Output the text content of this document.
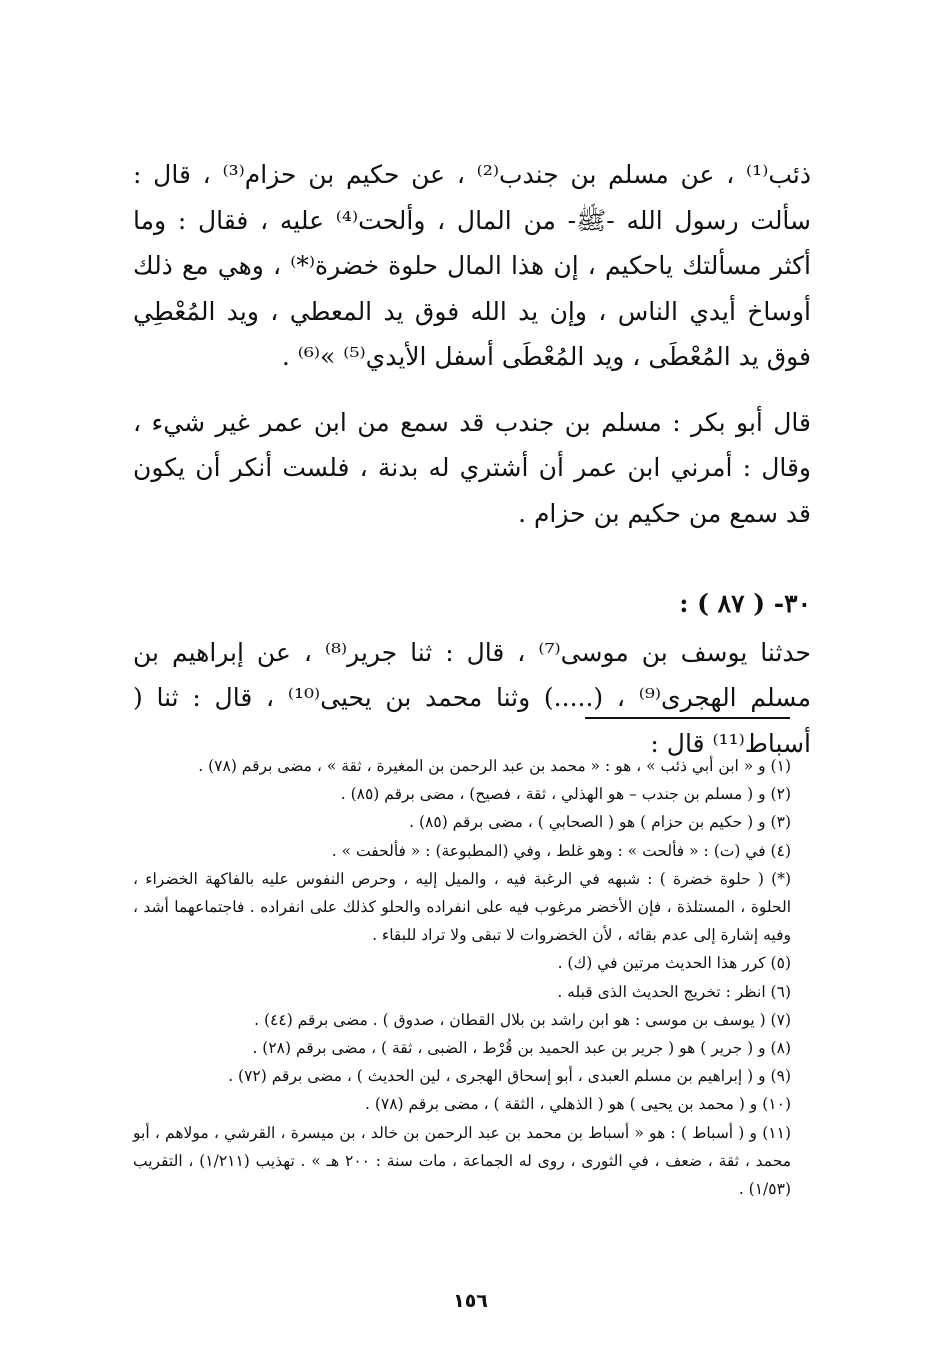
ذئب⁽¹⁾ ، عن مسلم بن جندب⁽²⁾ ، عن حكيم بن حزام⁽³⁾ ، قال : سألت رسول الله -ﷺ- من المال ، وألحت⁽⁴⁾ عليه ، فقال : وما أكثر مسألتك ياحكيم ، إن هذا المال حلوة خضرة⁽*⁾ ، وهي مع ذلك أوساخ أيدي الناس ، وإن يد الله فوق يد المعطي ، ويد المُعْطِي فوق يد المُعْطَى ، ويد المُعْطَى أسفل الأيدي⁽⁵⁾ »⁽⁶⁾ .

قال أبو بكر : مسلم بن جندب قد سمع من ابن عمر غير شيء ، وقال : أمرني ابن عمر أن أشتري له بدنة ، فلست أنكر أن يكون قد سمع من حكيم بن حزام .

٣٠- ( ٨٧ ) :

حدثنا يوسف بن موسى⁽⁷⁾ ، قال : ثنا جرير⁽⁸⁾ ، عن إبراهيم بن مسلم الهجرى⁽⁹⁾ ، (.....) وثنا محمد بن يحيى⁽¹⁰⁾ ، قال : ثنا ( أسباط⁽¹¹⁾ قال :

(١) و « ابن أبي ذئب » ، هو : « محمد بن عبد الرحمن بن المغيرة ، ثقة » ، مضى برقم (٧٨) .

(٢) و ( مسلم بن جندب – هو الهذلي ، ثقة ، فصيح) ، مضى برقم (٨٥) .

(٣) و ( حكيم بن حزام ) هو ( الصحابي ) ، مضى برقم (٨٥) .

(٤) في (ت) : « فألحت » : وهو غلط ، وفي (المطبوعة) : « فألحفت » .

(*) ( حلوة خضرة ) : شبهه في الرغبة فيه ، والميل إليه ، وحرص النفوس عليه بالفاكهة الخضراء ، الحلوة ، المستلذة ، فإن الأخضر مرغوب فيه على انفراده والحلو كذلك على انفراده . فاجتماعهما أشد ، وفيه إشارة إلى عدم بقائه ، لأن الخضروات لا تبقى ولا تراد للبقاء .

(٥) كرر هذا الحديث مرتين في (ك) .

(٦) انظر : تخريج الحديث الذى قبله .

(٧) ( يوسف بن موسى : هو ابن راشد بن بلال القطان ، صدوق ) . مضى برقم (٤٤) .

(٨) و ( جرير ) هو ( جرير بن عبد الحميد بن قُرْط ، الضبى ، ثقة ) ، مضى برقم (٢٨) .

(٩) و ( إبراهيم بن مسلم العبدى ، أبو إسحاق الهجرى ، لين الحديث ) ، مضى برقم (٧٢) .

(١٠) و ( محمد بن يحيى ) هو ( الذهلي ، الثقة ) ، مضى برقم (٧٨) .

(١١) و ( أسباط ) : هو « أسباط بن محمد بن عبد الرحمن بن خالد ، بن ميسرة ، القرشي ، مولاهم ، أبو محمد ، ثقة ، ضعف ، في الثورى ، روى له الجماعة ، مات سنة : ٢٠٠ هـ » . تهذيب (١/٢١١) ، التقريب (١/٥٣) .

١٥٦
